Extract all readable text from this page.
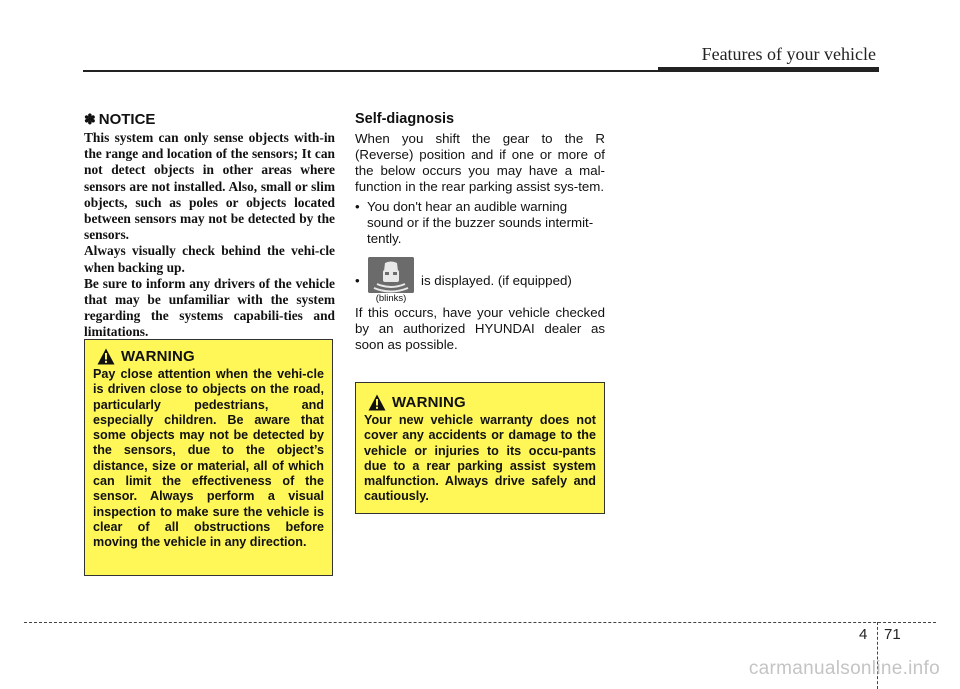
Features of your vehicle
✽ NOTICE

This system can only sense objects with-in the range and location of the sensors; It can not detect objects in other areas where sensors are not installed. Also, small or slim objects, such as poles or objects located between sensors may not be detected by the sensors.

Always visually check behind the vehi-cle when backing up.

Be sure to inform any drivers of the vehicle that may be unfamiliar with the system regarding the systems capabili-ties and limitations.

WARNING

Pay close attention when the vehi-cle is driven close to objects on the road, particularly pedestrians, and especially children. Be aware that some objects may not be detected by the sensors, due to the object’s distance, size or material, all of which can limit the effectiveness of the sensor. Always perform a visual inspection to make sure the vehicle is clear of all obstructions before moving the vehicle in any direction.

Self-diagnosis

When you shift the gear to the R (Reverse) position and if one or more of the below occurs you may have a mal-function in the rear parking assist sys-tem.

• You don't hear an audible warning sound or if the buzzer sounds intermit-tently.
•
(blinks)
is displayed. (if equipped)

If this occurs, have your vehicle checked by an authorized HYUNDAI dealer as soon as possible.

WARNING

Your new vehicle warranty does not cover any accidents or damage to the vehicle or injuries to its occu-pants due to a rear parking assist system malfunction. Always drive safely and cautiously.

4 71
carmanualsonline.info
